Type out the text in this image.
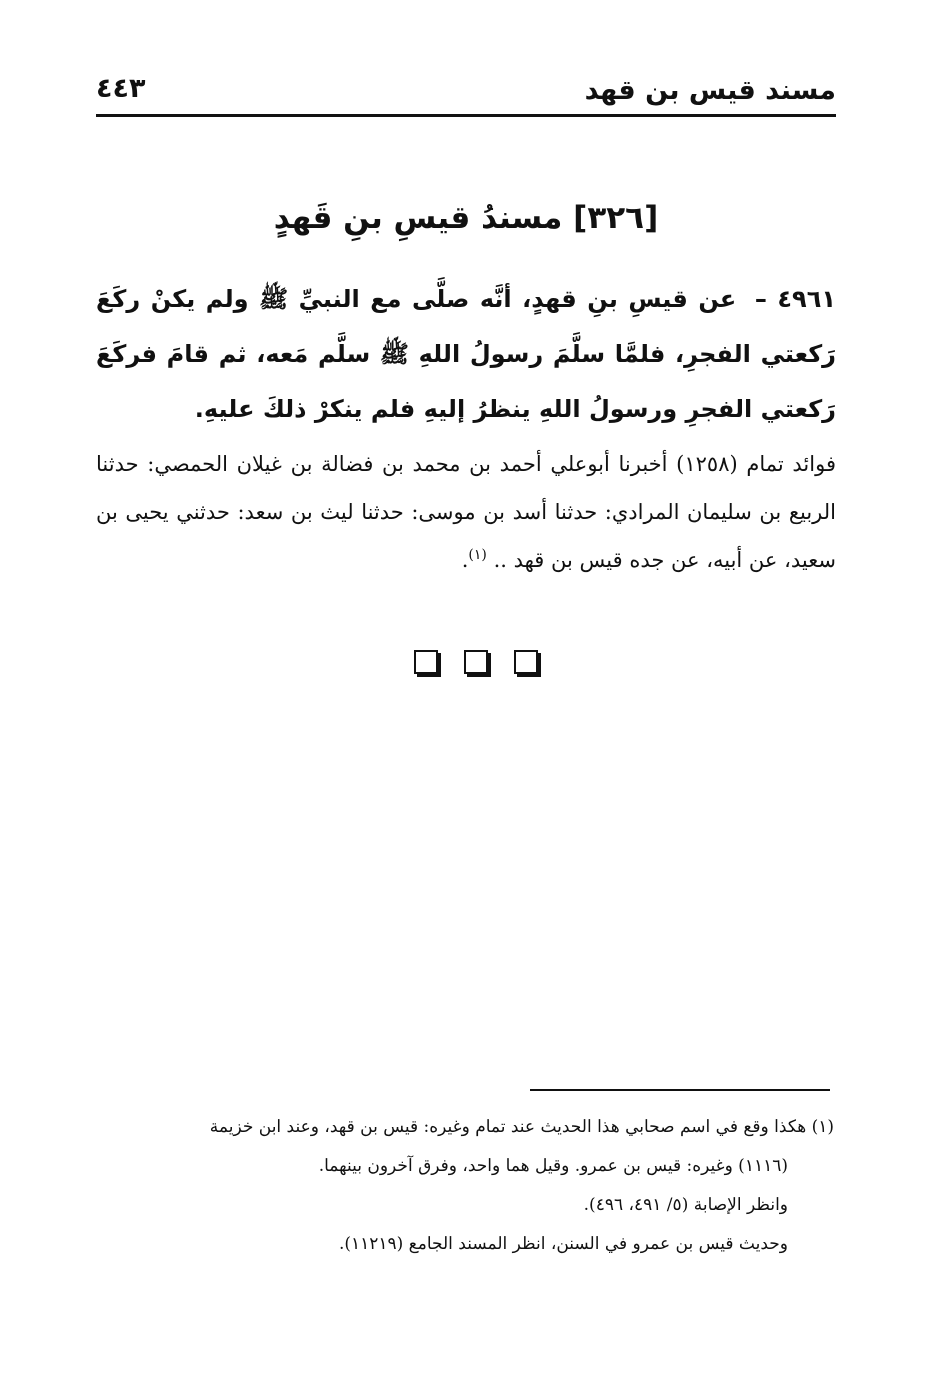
مسند قيس بن قهد
٤٤٣
[٣٢٦] مسندُ قيسِ بنِ قَهدٍ
٤٩٦١ – عن قيسِ بنِ قهدٍ، أنَّه صلَّى مع النبيِّ ﷺ ولم يكنْ ركَعَ رَكعتي الفجرِ، فلمَّا سلَّمَ رسولُ اللهِ ﷺ سلَّم مَعه، ثم قامَ فركَعَ رَكعتي الفجرِ ورسولُ اللهِ ينظرُ إليهِ فلم ينكرْ ذلكَ عليهِ.
فوائد تمام (١٢٥٨) أخبرنا أبوعلي أحمد بن محمد بن فضالة بن غيلان الحمصي: حدثنا الربيع بن سليمان المرادي: حدثنا أسد بن موسى: حدثنا ليث بن سعد: حدثني يحيى بن سعيد، عن أبيه، عن جده قيس بن قهد .. $^{(١)}$.
(١) هكذا وقع في اسم صحابي هذا الحديث عند تمام وغيره: قيس بن قهد، وعند ابن خزيمة
(١١١٦) وغيره: قيس بن عمرو. وقيل هما واحد، وفرق آخرون بينهما.
وانظر الإصابة (٥/ ٤٩١، ٤٩٦).
وحديث قيس بن عمرو في السنن، انظر المسند الجامع (١١٢١٩).
